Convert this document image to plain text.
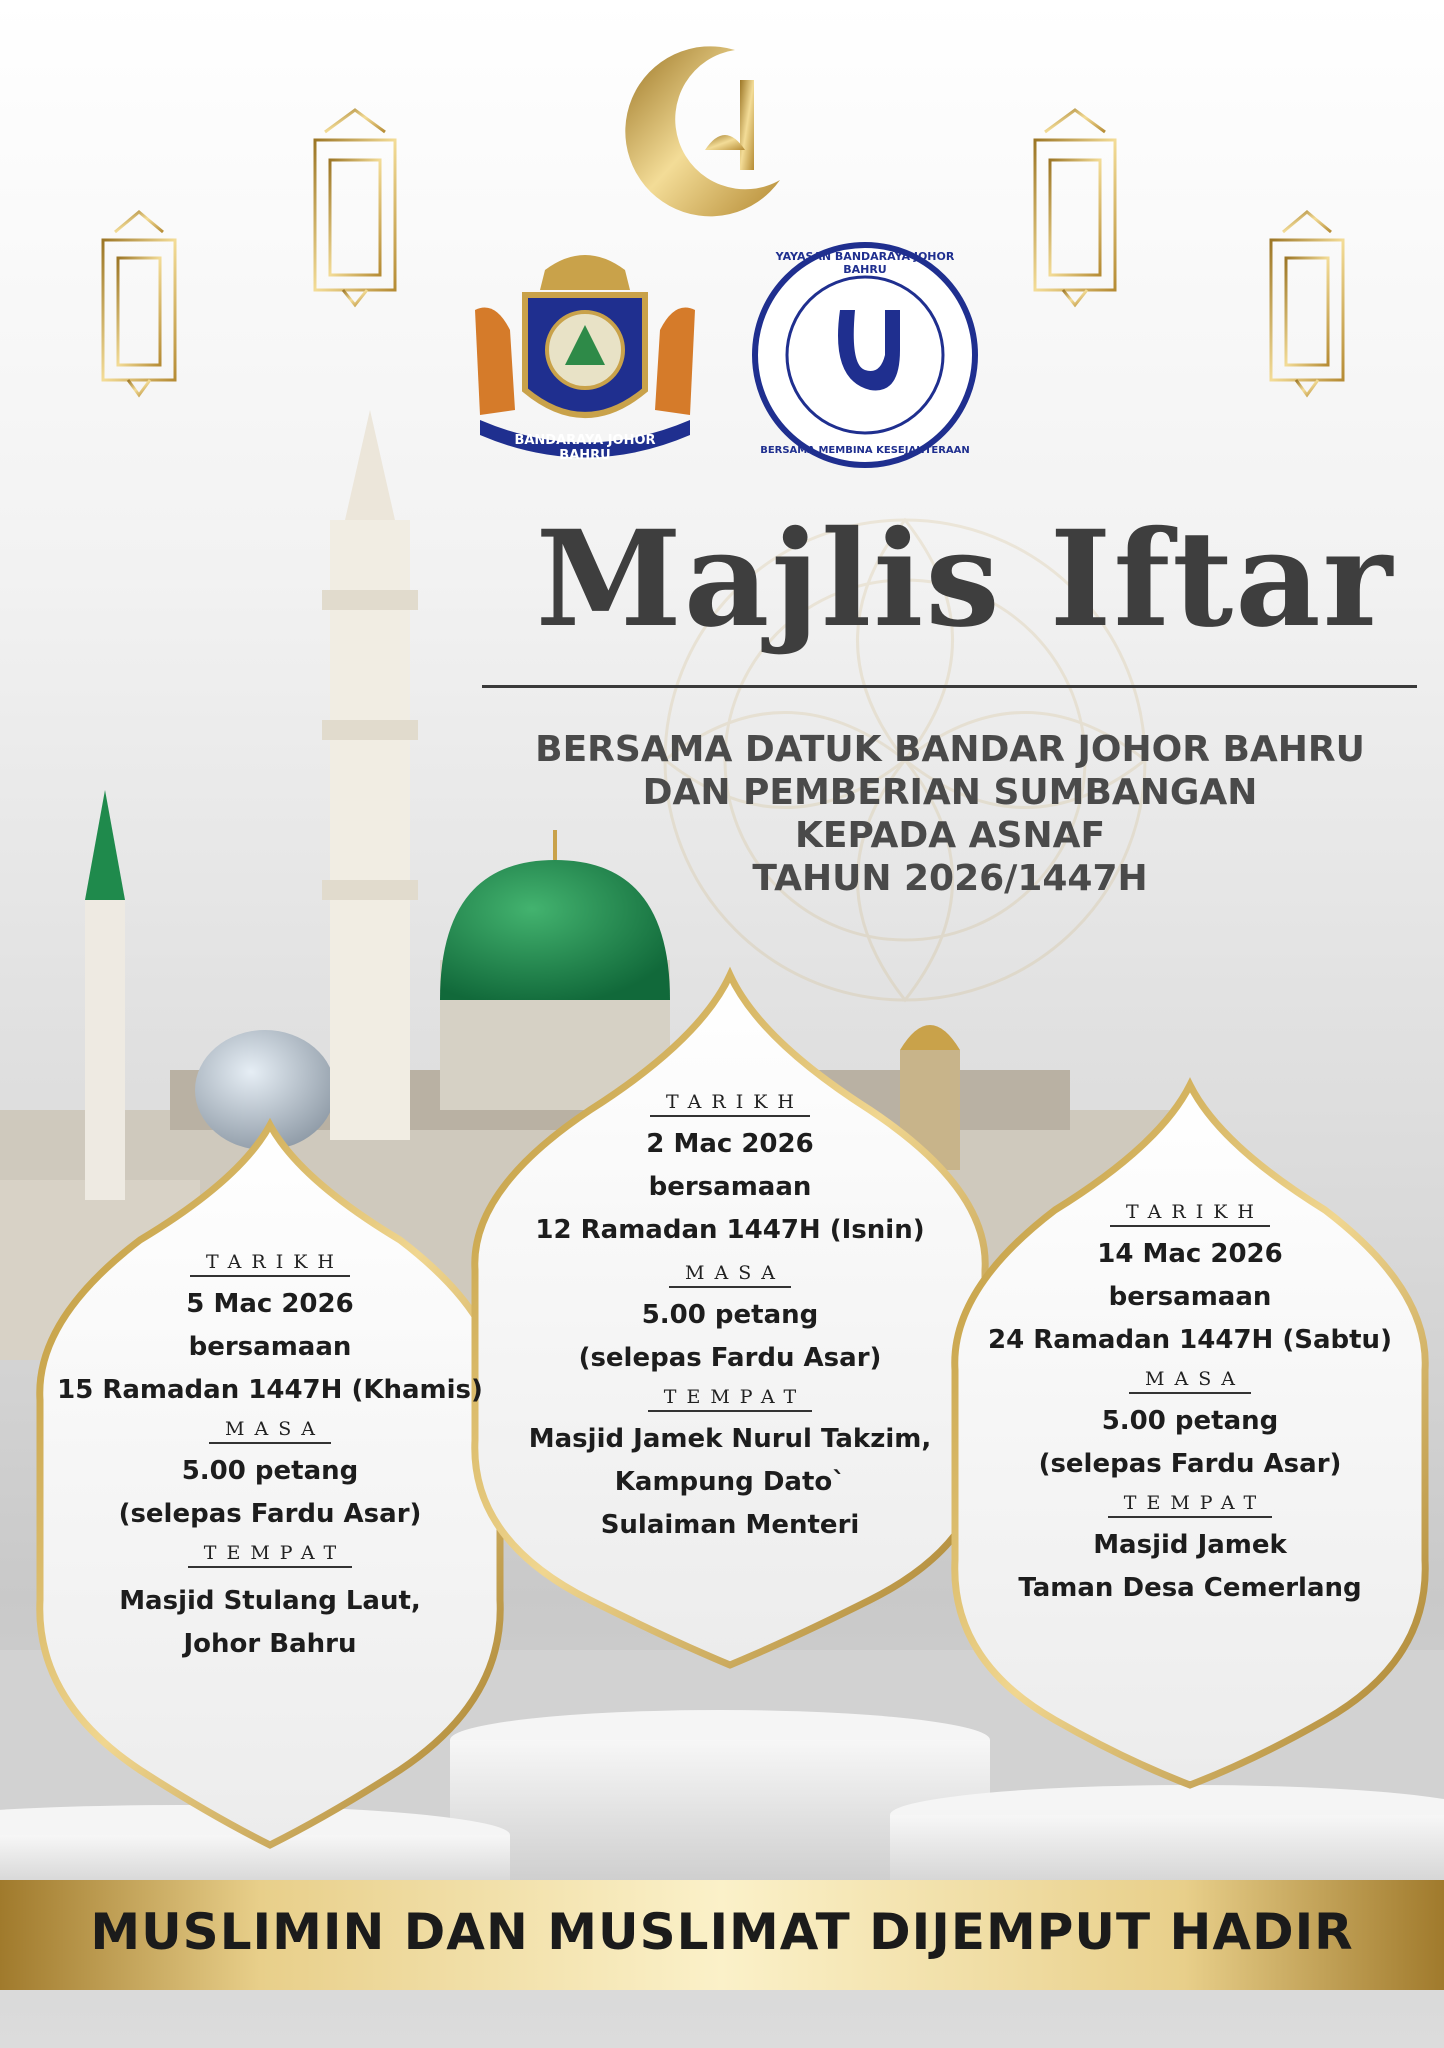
BANDARAYA JOHOR BAHRU
YAYASAN BANDARAYA JOHOR BAHRU
BERSAMA MEMBINA KESEJAHTERAAN
Majlis Iftar
BERSAMA DATUK BANDAR JOHOR BAHRU
DAN PEMBERIAN SUMBANGAN
KEPADA ASNAF
TAHUN 2026/1447H
TARIKH
5 Mac 2026
bersamaan
15 Ramadan 1447H (Khamis)
MASA
5.00 petang
(selepas Fardu Asar)
TEMPAT
Masjid Stulang Laut,
Johor Bahru
TARIKH
2 Mac 2026
bersamaan
12 Ramadan 1447H (Isnin)
MASA
5.00 petang
(selepas Fardu Asar)
TEMPAT
Masjid Jamek Nurul Takzim,
Kampung Dato`
Sulaiman Menteri
TARIKH
14 Mac 2026
bersamaan
24 Ramadan 1447H (Sabtu)
MASA
5.00 petang
(selepas Fardu Asar)
TEMPAT
Masjid Jamek
Taman Desa Cemerlang
MUSLIMIN DAN MUSLIMAT DIJEMPUT HADIR
